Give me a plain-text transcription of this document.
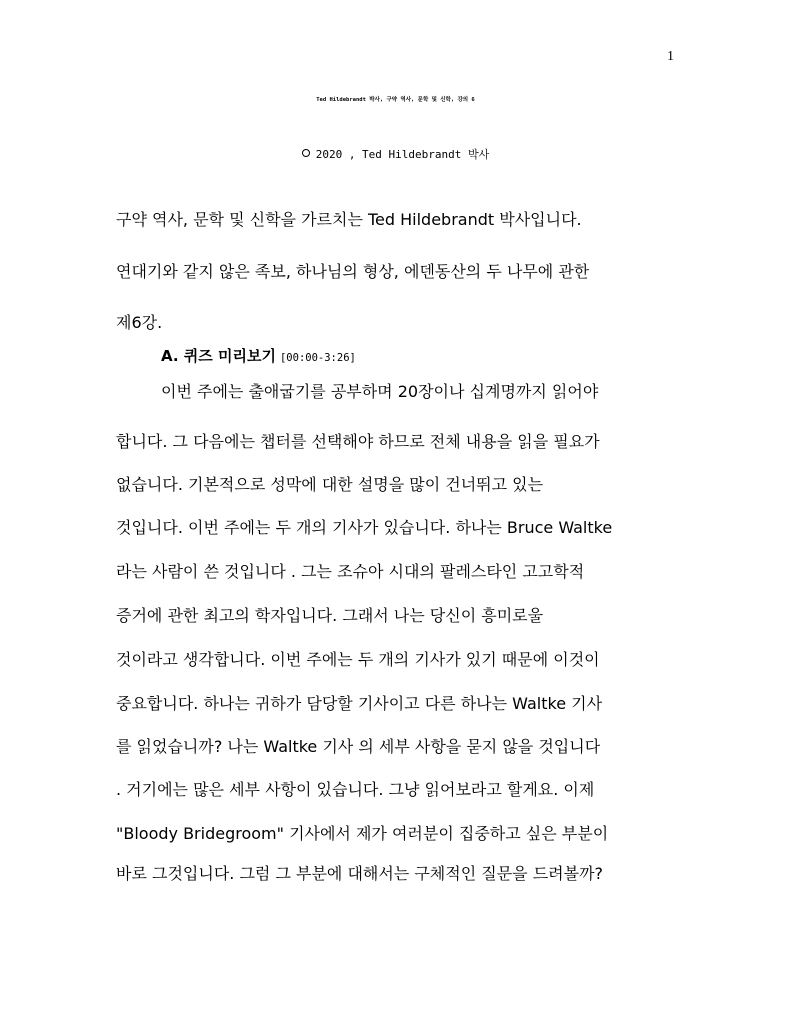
1
Ted Hildebrandt 박사, 구약 역사, 문학 및 신학, 강의 6
2020 , Ted Hildebrandt 박사
구약 역사, 문학 및 신학을 가르치는 Ted Hildebrandt 박사입니다.
연대기와 같지 않은 족보, 하나님의 형상, 에덴동산의 두 나무에 관한
제6강.
A. 퀴즈 미리보기 [00:00-3:26]
이번 주에는 출애굽기를 공부하며 20장이나 십계명까지 읽어야
합니다. 그 다음에는 챕터를 선택해야 하므로 전체 내용을 읽을 필요가
없습니다. 기본적으로 성막에 대한 설명을 많이 건너뛰고 있는
것입니다. 이번 주에는 두 개의 기사가 있습니다. 하나는 Bruce Waltke
라는 사람이 쓴 것입니다 . 그는 조슈아 시대의 팔레스타인 고고학적
증거에 관한 최고의 학자입니다. 그래서 나는 당신이 흥미로울
것이라고 생각합니다. 이번 주에는 두 개의 기사가 있기 때문에 이것이
중요합니다. 하나는 귀하가 담당할 기사이고 다른 하나는 Waltke 기사
를 읽었습니까? 나는 Waltke 기사 의 세부 사항을 묻지 않을 것입니다
. 거기에는 많은 세부 사항이 있습니다. 그냥 읽어보라고 할게요. 이제
"Bloody Bridegroom" 기사에서 제가 여러분이 집중하고 싶은 부분이
바로 그것입니다. 그럼 그 부분에 대해서는 구체적인 질문을 드려볼까?
